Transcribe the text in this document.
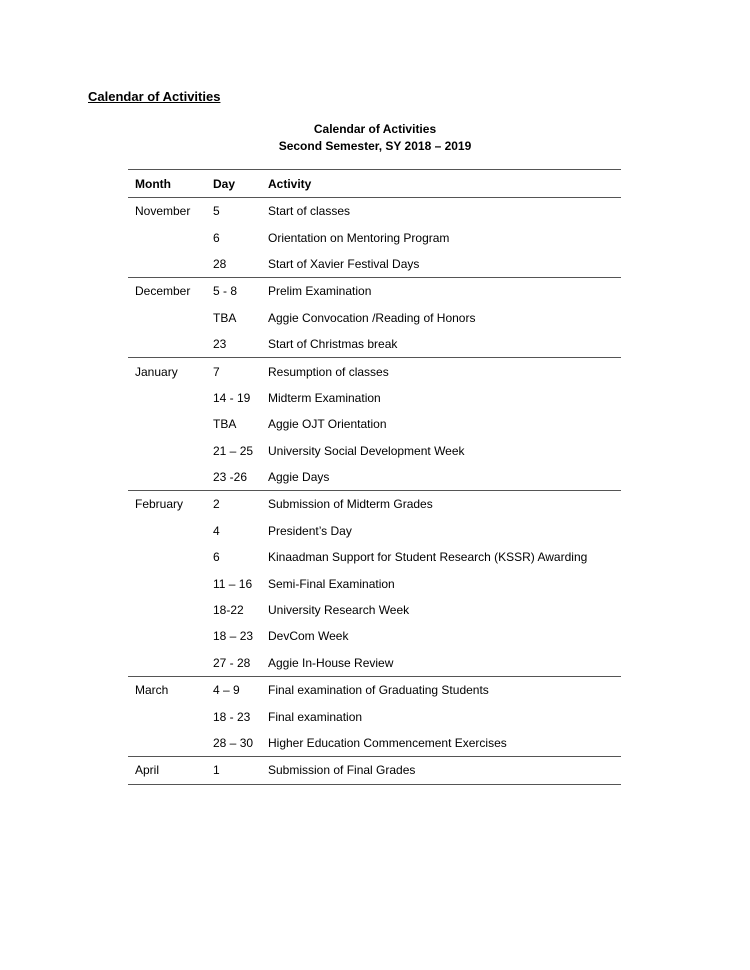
Calendar of Activities
Calendar of Activities
Second Semester, SY 2018 – 2019
Month	Day	Activity
November	5	Start of classes
	6	Orientation on Mentoring Program
	28	Start of Xavier Festival Days
December	5 - 8	Prelim Examination
	TBA	Aggie Convocation /Reading of Honors
	23	Start of Christmas break
January	7	Resumption of classes
	14 - 19	Midterm Examination
	TBA	Aggie OJT Orientation
	21 – 25	University Social Development Week
	23 -26	Aggie Days
February	2	Submission of Midterm Grades
	4	President’s Day
	6	Kinaadman Support for Student Research (KSSR) Awarding
	11 – 16	Semi-Final Examination
	18-22	University Research Week
	18 – 23	DevCom Week
	27 - 28	Aggie In-House Review
March	4 – 9	Final examination of Graduating Students
	18 - 23	Final examination
	28 – 30	Higher Education Commencement Exercises
April	1	Submission of Final Grades
